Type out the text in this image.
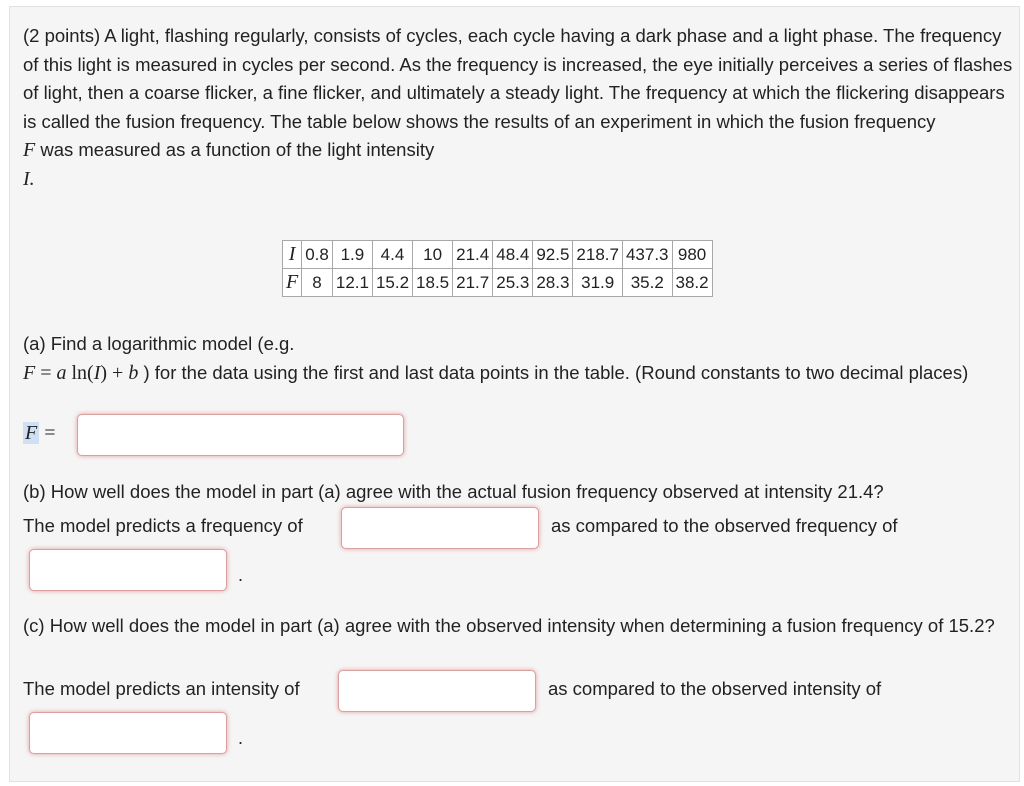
(2 points) A light, flashing regularly, consists of cycles, each cycle having a dark phase and a light phase. The frequency of this light is measured in cycles per second. As the frequency is increased, the eye initially perceives a series of flashes of light, then a coarse flicker, a fine flicker, and ultimately a steady light. The frequency at which the flickering disappears is called the fusion frequency. The table below shows the results of an experiment in which the fusion frequency
F was measured as a function of the light intensity
I.

I	0.8	1.9	4.4	10	21.4	48.4	92.5	218.7	437.3	980
F	8	12.1	15.2	18.5	21.7	25.3	28.3	31.9	35.2	38.2

(a) Find a logarithmic model (e.g.
F = a ln(I) + b ) for the data using the first and last data points in the table. (Round constants to two decimal places)

F =

(b) How well does the model in part (a) agree with the actual fusion frequency observed at intensity 21.4?

The model predicts a frequency of	as compared to the observed frequency of
.

(c) How well does the model in part (a) agree with the observed intensity when determining a fusion frequency of 15.2?

The model predicts an intensity of	as compared to the observed intensity of
.
